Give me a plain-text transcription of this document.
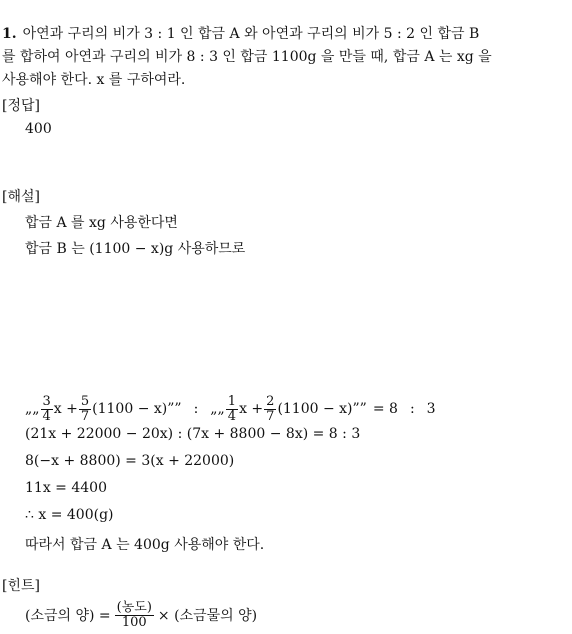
1. 아연과 구리의 비가 3 : 1 인 합금 A 와 아연과 구리의 비가 5 : 2 인 합금 B
를 합하여 아연과 구리의 비가 8 : 3 인 합금 1100g 을 만들 때, 합금 A 는 xg 을
사용해야 한다. x 를 구하여라.
[정답]
400
[해설]
합금 A 를 xg 사용한다면
합금 B 는 (1100 − x)g 사용하므로
„„ $\frac{3}{4}$ $x + \frac{5}{7} (1100 - x)$”” : „„ $\frac{1}{4}$ $x + \frac{2}{7} (1100 - x)$”” = 8 : 3
(21x + 22000 − 20x) : (7x + 8800 − 8x) = 8 : 3
8(−x + 8800) = 3(x + 22000)
11x = 4400
∴ x = 400(g)
따라서 합금 A 는 400g 사용해야 한다.
[힌트]
(소금의 양) = $\frac{\text{(농도)}}{100}$ × (소금물의 양)
